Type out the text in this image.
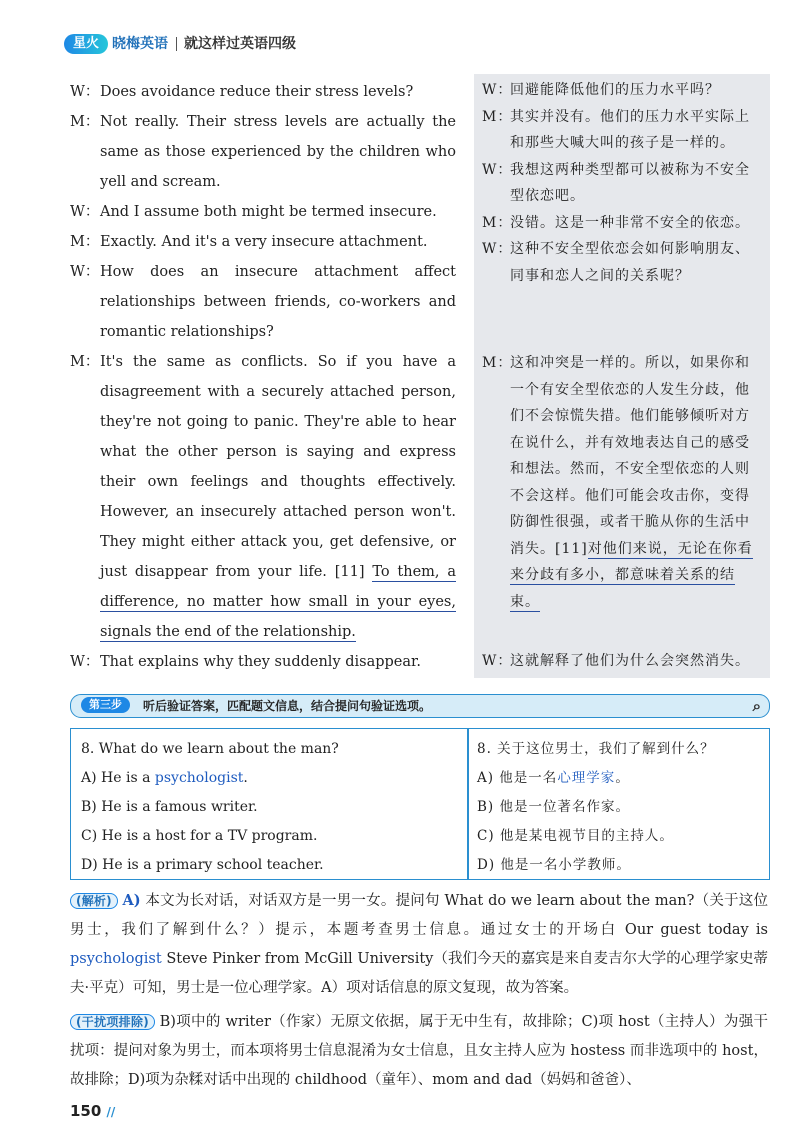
星火 晓梅英语 就这样过英语四级
W： Does avoidance reduce their stress levels?
M： Not really. Their stress levels are actually the same as those experienced by the children who yell and scream.
W： And I assume both might be termed insecure.
M： Exactly. And it's a very insecure attachment.
W： How does an insecure attachment affect relationships between friends, co-workers and romantic relationships?
M： It's the same as conflicts. So if you have a disagreement with a securely attached person, they're not going to panic. They're able to hear what the other person is saying and express their own feelings and thoughts effectively. However, an insecurely attached person won't. They might either attack you, get defensive, or just disappear from your life. [11] To them, a difference, no matter how small in your eyes, signals the end of the relationship.
W： That explains why they suddenly disappear.
W：
回避能降低他们的压力水平吗？
M：
其实并没有。他们的压力水平实际上和那些大喊大叫的孩子是一样的。
W：
我想这两种类型都可以被称为不安全型依恋吧。
M：
没错。这是一种非常不安全的依恋。
W：
这种不安全型依恋会如何影响朋友、同事和恋人之间的关系呢？
M：
这和冲突是一样的。所以，如果你和一个有安全型依恋的人发生分歧，他们不会惊慌失措。他们能够倾听对方在说什么，并有效地表达自己的感受和想法。然而，不安全型依恋的人则不会这样。他们可能会攻击你，变得防御性很强，或者干脆从你的生活中消失。[11]对他们来说，无论在你看来分歧有多小，都意味着关系的结束。
W：
这就解释了他们为什么会突然消失。
第三步	听后验证答案，匹配题文信息，结合提问句验证选项。	⌕
8. What do we learn about the man?
A) He is a psychologist.
B) He is a famous writer.
C) He is a host for a TV program.
D) He is a primary school teacher.
8. 关于这位男士，我们了解到什么？
A) 他是一名心理学家。
B) 他是一位著名作家。
C) 他是某电视节目的主持人。
D) 他是一名小学教师。
(解析) A) 本文为长对话，对话双方是一男一女。提问句 What do we learn about the man?（关于这位男士，我们了解到什么？）提示，本题考查男士信息。通过女士的开场白 Our guest today is psychologist Steve Pinker from McGill University（我们今天的嘉宾是来自麦吉尔大学的心理学家史蒂夫·平克）可知，男士是一位心理学家。A）项对话信息的原文复现，故为答案。
(干扰项排除) B)项中的 writer（作家）无原文依据，属于无中生有，故排除；C)项 host（主持人）为强干扰项：提问对象为男士，而本项将男士信息混淆为女士信息，且女主持人应为 hostess 而非选项中的 host，故排除；D)项为杂糅对话中出现的 childhood（童年）、mom and dad（妈妈和爸爸）、
150 //
